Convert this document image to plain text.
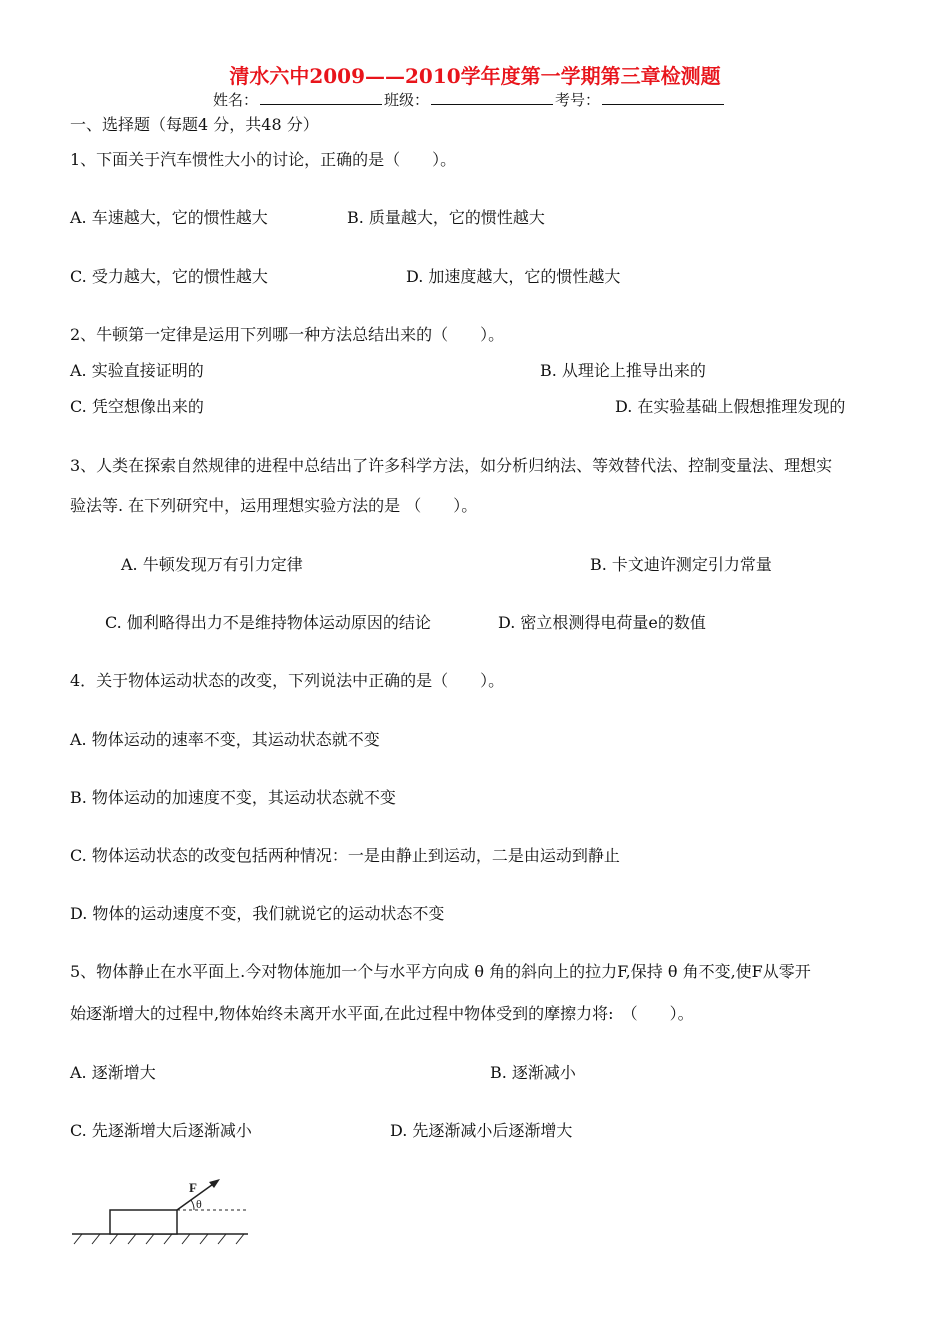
清水六中2009——2010学年度第一学期第三章检测题
姓名：	班级：	考号：
一、选择题（每题4 分，共48 分）
1、下面关于汽车惯性大小的讨论，正确的是（　　）。
A. 车速越大，它的惯性越大	B. 质量越大，它的惯性越大
C. 受力越大，它的惯性越大	D. 加速度越大，它的惯性越大
2、牛顿第一定律是运用下列哪一种方法总结出来的（　　）。
A. 实验直接证明的	B. 从理论上推导出来的
C. 凭空想像出来的	D. 在实验基础上假想推理发现的
3、人类在探索自然规律的进程中总结出了许多科学方法，如分析归纳法、等效替代法、控制变量法、理想实
验法等. 在下列研究中，运用理想实验方法的是 （　　）。
A. 牛顿发现万有引力定律	B. 卡文迪许测定引力常量
C. 伽利略得出力不是维持物体运动原因的结论	D. 密立根测得电荷量e的数值
4．关于物体运动状态的改变，下列说法中正确的是（　　）。
A. 物体运动的速率不变，其运动状态就不变
B. 物体运动的加速度不变，其运动状态就不变
C. 物体运动状态的改变包括两种情况：一是由静止到运动，二是由运动到静止
D. 物体的运动速度不变，我们就说它的运动状态不变
5、物体静止在水平面上.今对物体施加一个与水平方向成 θ 角的斜向上的拉力F,保持 θ 角不变,使F从零开
始逐渐增大的过程中,物体始终未离开水平面,在此过程中物体受到的摩擦力将:　（　　）。
A. 逐渐增大	B. 逐渐减小
C. 先逐渐增大后逐渐减小	D. 先逐渐减小后逐渐增大
F
θ
